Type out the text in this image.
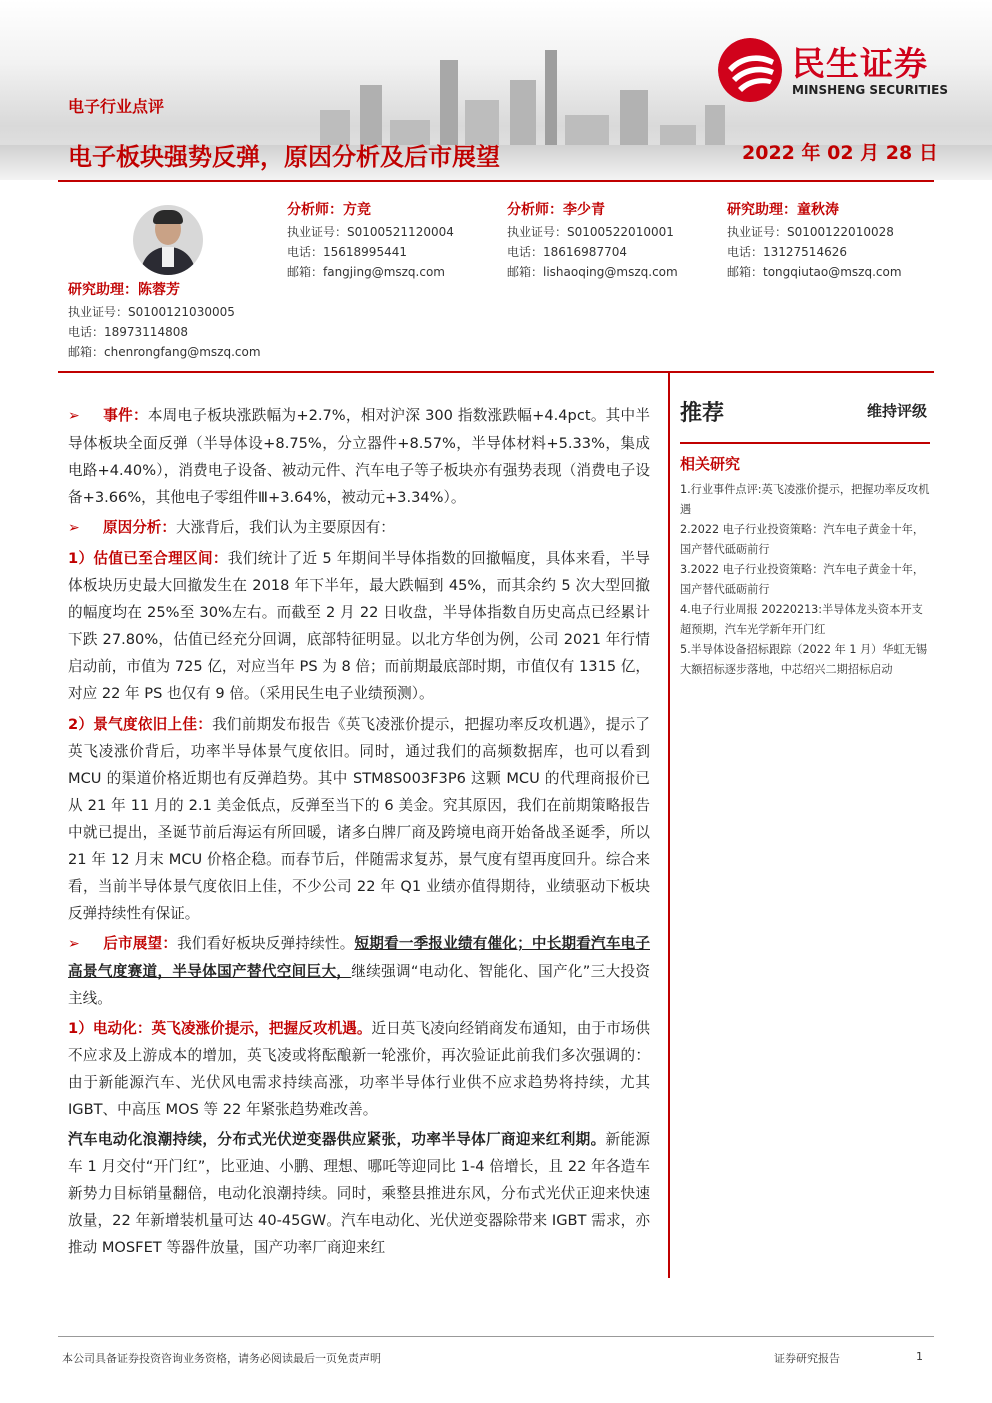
民生证券
MINSHENG SECURITIES
电子行业点评
电子板块强势反弹，原因分析及后市展望	2022 年 02 月 28 日
分析师：方竞
执业证号：S0100521120004
电话：15618995441
邮箱：fangjing@mszq.com
分析师：李少青
执业证号：S0100522010001
电话：18616987704
邮箱：lishaoqing@mszq.com
研究助理：童秋涛
执业证号：S0100122010028
电话：13127514626
邮箱：tongqiutao@mszq.com
研究助理：陈蓉芳
执业证号：S0100121030005
电话：18973114808
邮箱：chenrongfang@mszq.com

➢ 事件：本周电子板块涨跌幅为+2.7%，相对沪深 300 指数涨跌幅+4.4pct。其中半导体板块全面反弹（半导体设+8.75%，分立器件+8.57%，半导体材料+5.33%，集成电路+4.40%），消费电子设备、被动元件、汽车电子等子板块亦有强势表现（消费电子设备+3.66%，其他电子零组件Ⅲ+3.64%，被动元+3.34%）。

➢ 原因分析：大涨背后，我们认为主要原因有：

1）估值已至合理区间：我们统计了近 5 年期间半导体指数的回撤幅度，具体来看，半导体板块历史最大回撤发生在 2018 年下半年，最大跌幅到 45%，而其余约 5 次大型回撤的幅度均在 25%至 30%左右。而截至 2 月 22 日收盘，半导体指数自历史高点已经累计下跌 27.80%，估值已经充分回调，底部特征明显。以北方华创为例，公司 2021 年行情启动前，市值为 725 亿，对应当年 PS 为 8 倍；而前期最底部时期，市值仅有 1315 亿，对应 22 年 PS 也仅有 9 倍。（采用民生电子业绩预测）。

2）景气度依旧上佳：我们前期发布报告《英飞凌涨价提示，把握功率反攻机遇》，提示了英飞凌涨价背后，功率半导体景气度依旧。同时，通过我们的高频数据库，也可以看到 MCU 的渠道价格近期也有反弹趋势。其中 STM8S003F3P6 这颗 MCU 的代理商报价已从 21 年 11 月的 2.1 美金低点，反弹至当下的 6 美金。究其原因，我们在前期策略报告中就已提出，圣诞节前后海运有所回暖，诸多白牌厂商及跨境电商开始备战圣诞季，所以 21 年 12 月末 MCU 价格企稳。而春节后，伴随需求复苏，景气度有望再度回升。综合来看，当前半导体景气度依旧上佳，不少公司 22 年 Q1 业绩亦值得期待，业绩驱动下板块反弹持续性有保证。

➢ 后市展望：我们看好板块反弹持续性。短期看一季报业绩有催化；中长期看汽车电子高景气度赛道，半导体国产替代空间巨大，继续强调“电动化、智能化、国产化”三大投资主线。

1）电动化：英飞凌涨价提示，把握反攻机遇。近日英飞凌向经销商发布通知，由于市场供不应求及上游成本的增加，英飞凌或将酝酿新一轮涨价，再次验证此前我们多次强调的：由于新能源汽车、光伏风电需求持续高涨，功率半导体行业供不应求趋势将持续，尤其 IGBT、中高压 MOS 等 22 年紧张趋势难改善。

汽车电动化浪潮持续，分布式光伏逆变器供应紧张，功率半导体厂商迎来红利期。新能源车 1 月交付“开门红”，比亚迪、小鹏、理想、哪吒等迎同比 1-4 倍增长，且 22 年各造车新势力目标销量翻倍，电动化浪潮持续。同时，乘整县推进东风，分布式光伏正迎来快速放量，22 年新增装机量可达 40-45GW。汽车电动化、光伏逆变器除带来 IGBT 需求，亦推动 MOSFET 等器件放量，国产功率厂商迎来红

推荐	维持评级
相关研究
1.行业事件点评:英飞凌涨价提示，把握功率反攻机遇
2.2022 电子行业投资策略：汽车电子黄金十年，国产替代砥砺前行
3.2022 电子行业投资策略：汽车电子黄金十年，国产替代砥砺前行
4.电子行业周报 20220213:半导体龙头资本开支超预期，汽车光学新年开门红
5.半导体设备招标跟踪（2022 年 1 月）华虹无锡大额招标逐步落地，中芯绍兴二期招标启动
本公司具备证券投资咨询业务资格，请务必阅读最后一页免责声明	证券研究报告	1
